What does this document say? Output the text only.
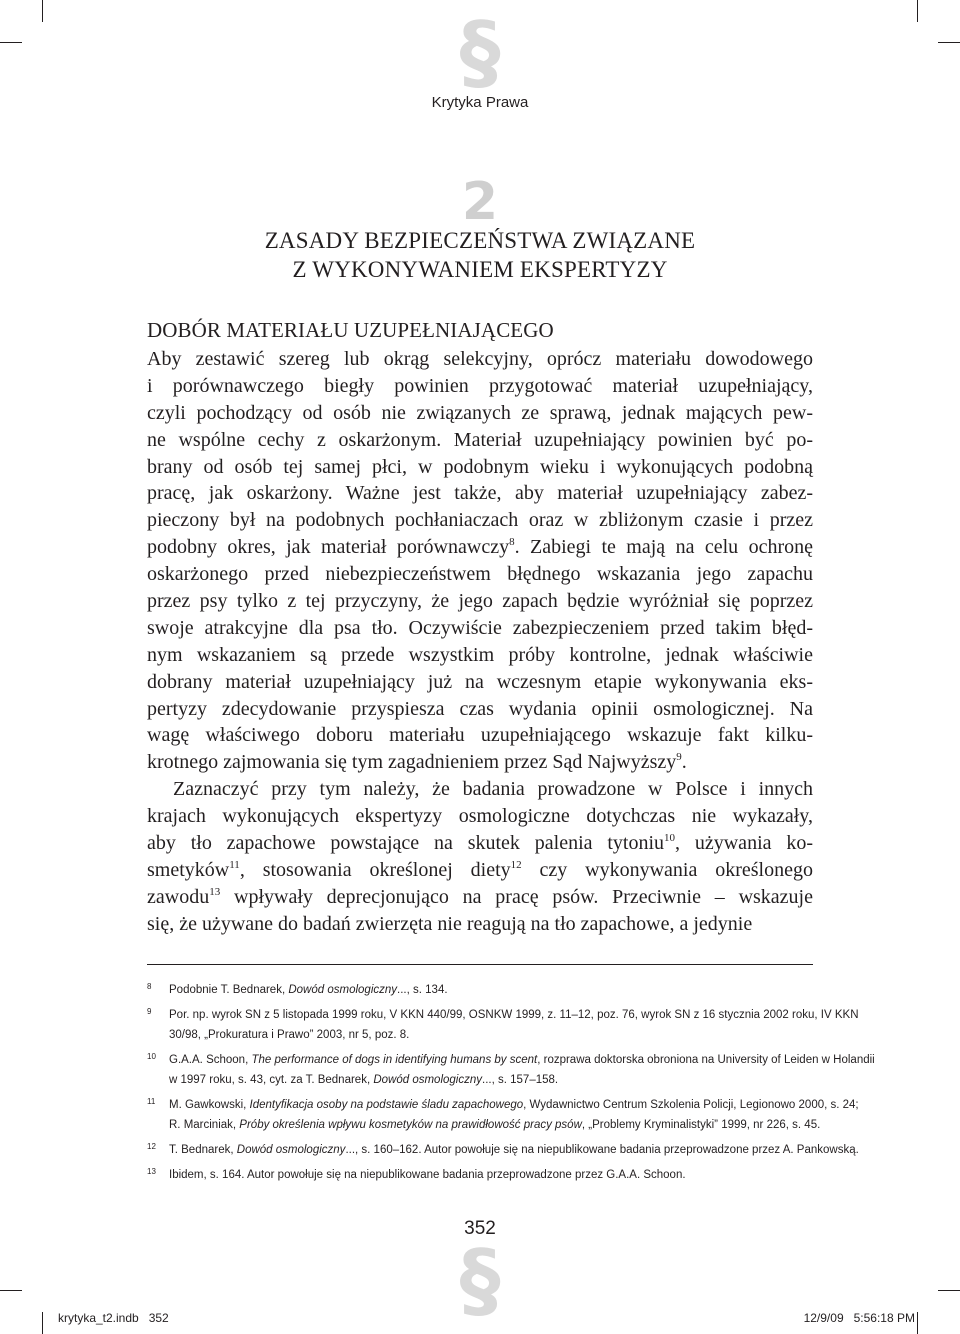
§
Krytyka Prawa
2
ZASADY BEZPIECZEŃSTWA ZWIĄZANE
Z WYKONYWANIEM EKSPERTYZY
DOBÓR MATERIAŁU UZUPEŁNIAJĄCEGO
Aby zestawić szereg lub okrąg selekcyjny, oprócz materiału dowodowego
i porównawczego biegły powinien przygotować materiał uzupełniający,
czyli pochodzący od osób nie związanych ze sprawą, jednak mających pew-
ne wspólne cechy z oskarżonym. Materiał uzupełniający powinien być po-
brany od osób tej samej płci, w podobnym wieku i wykonujących podobną
pracę, jak oskarżony. Ważne jest także, aby materiał uzupełniający zabez-
pieczony był na podobnych pochłaniaczach oraz w zbliżonym czasie i przez
podobny okres, jak materiał porównawczy$^8$. Zabiegi te mają na celu ochronę
oskarżonego przed niebezpieczeństwem błędnego wskazania jego zapachu
przez psy tylko z tej przyczyny, że jego zapach będzie wyróżniał się poprzez
swoje atrakcyjne dla psa tło. Oczywiście zabezpieczeniem przed takim błęd-
nym wskazaniem są przede wszystkim próby kontrolne, jednak właściwie
dobrany materiał uzupełniający już na wczesnym etapie wykonywania eks-
pertyzy zdecydowanie przyspiesza czas wydania opinii osmologicznej. Na
wagę właściwego doboru materiału uzupełniającego wskazuje fakt kilku-
krotnego zajmowania się tym zagadnieniem przez Sąd Najwyższy$^9$.
Zaznaczyć przy tym należy, że badania prowadzone w Polsce i innych
krajach wykonujących ekspertyzy osmologiczne dotychczas nie wykazały,
aby tło zapachowe powstające na skutek palenia tytoniu$^{10}$, używania ko-
smetyków$^{11}$, stosowania określonej diety$^{12}$ czy wykonywania określonego
zawodu$^{13}$ wpływały deprecjonująco na pracę psów. Przeciwnie – wskazuje
się, że używane do badań zwierzęta nie reagują na tło zapachowe, a jedynie
8 Podobnie T. Bednarek, Dowód osmologiczny..., s. 134.
9 Por. np. wyrok SN z 5 listopada 1999 roku, V KKN 440/99, OSNKW 1999, z. 11–12, poz. 76, wyrok SN z 16 stycznia 2002 roku, IV KKN
30/98, „Prokuratura i Prawo” 2003, nr 5, poz. 8.
10 G.A.A. Schoon, The performance of dogs in identifying humans by scent, rozprawa doktorska obroniona na University of Leiden w Holandii
w 1997 roku, s. 43, cyt. za T. Bednarek, Dowód osmologiczny..., s. 157–158.
11 M. Gawkowski, Identyfikacja osoby na podstawie śladu zapachowego, Wydawnictwo Centrum Szkolenia Policji, Legionowo 2000, s. 24;
R. Marciniak, Próby określenia wpływu kosmetyków na prawidłowość pracy psów, „Problemy Kryminalistyki” 1999, nr 226, s. 45.
12 T. Bednarek, Dowód osmologiczny..., s. 160–162. Autor powołuje się na niepublikowane badania przeprowadzone przez A. Pankowską.
13 Ibidem, s. 164. Autor powołuje się na niepublikowane badania przeprowadzone przez G.A.A. Schoon.
352
§
krytyka_t2.indb   352	12/9/09   5:56:18 PM
